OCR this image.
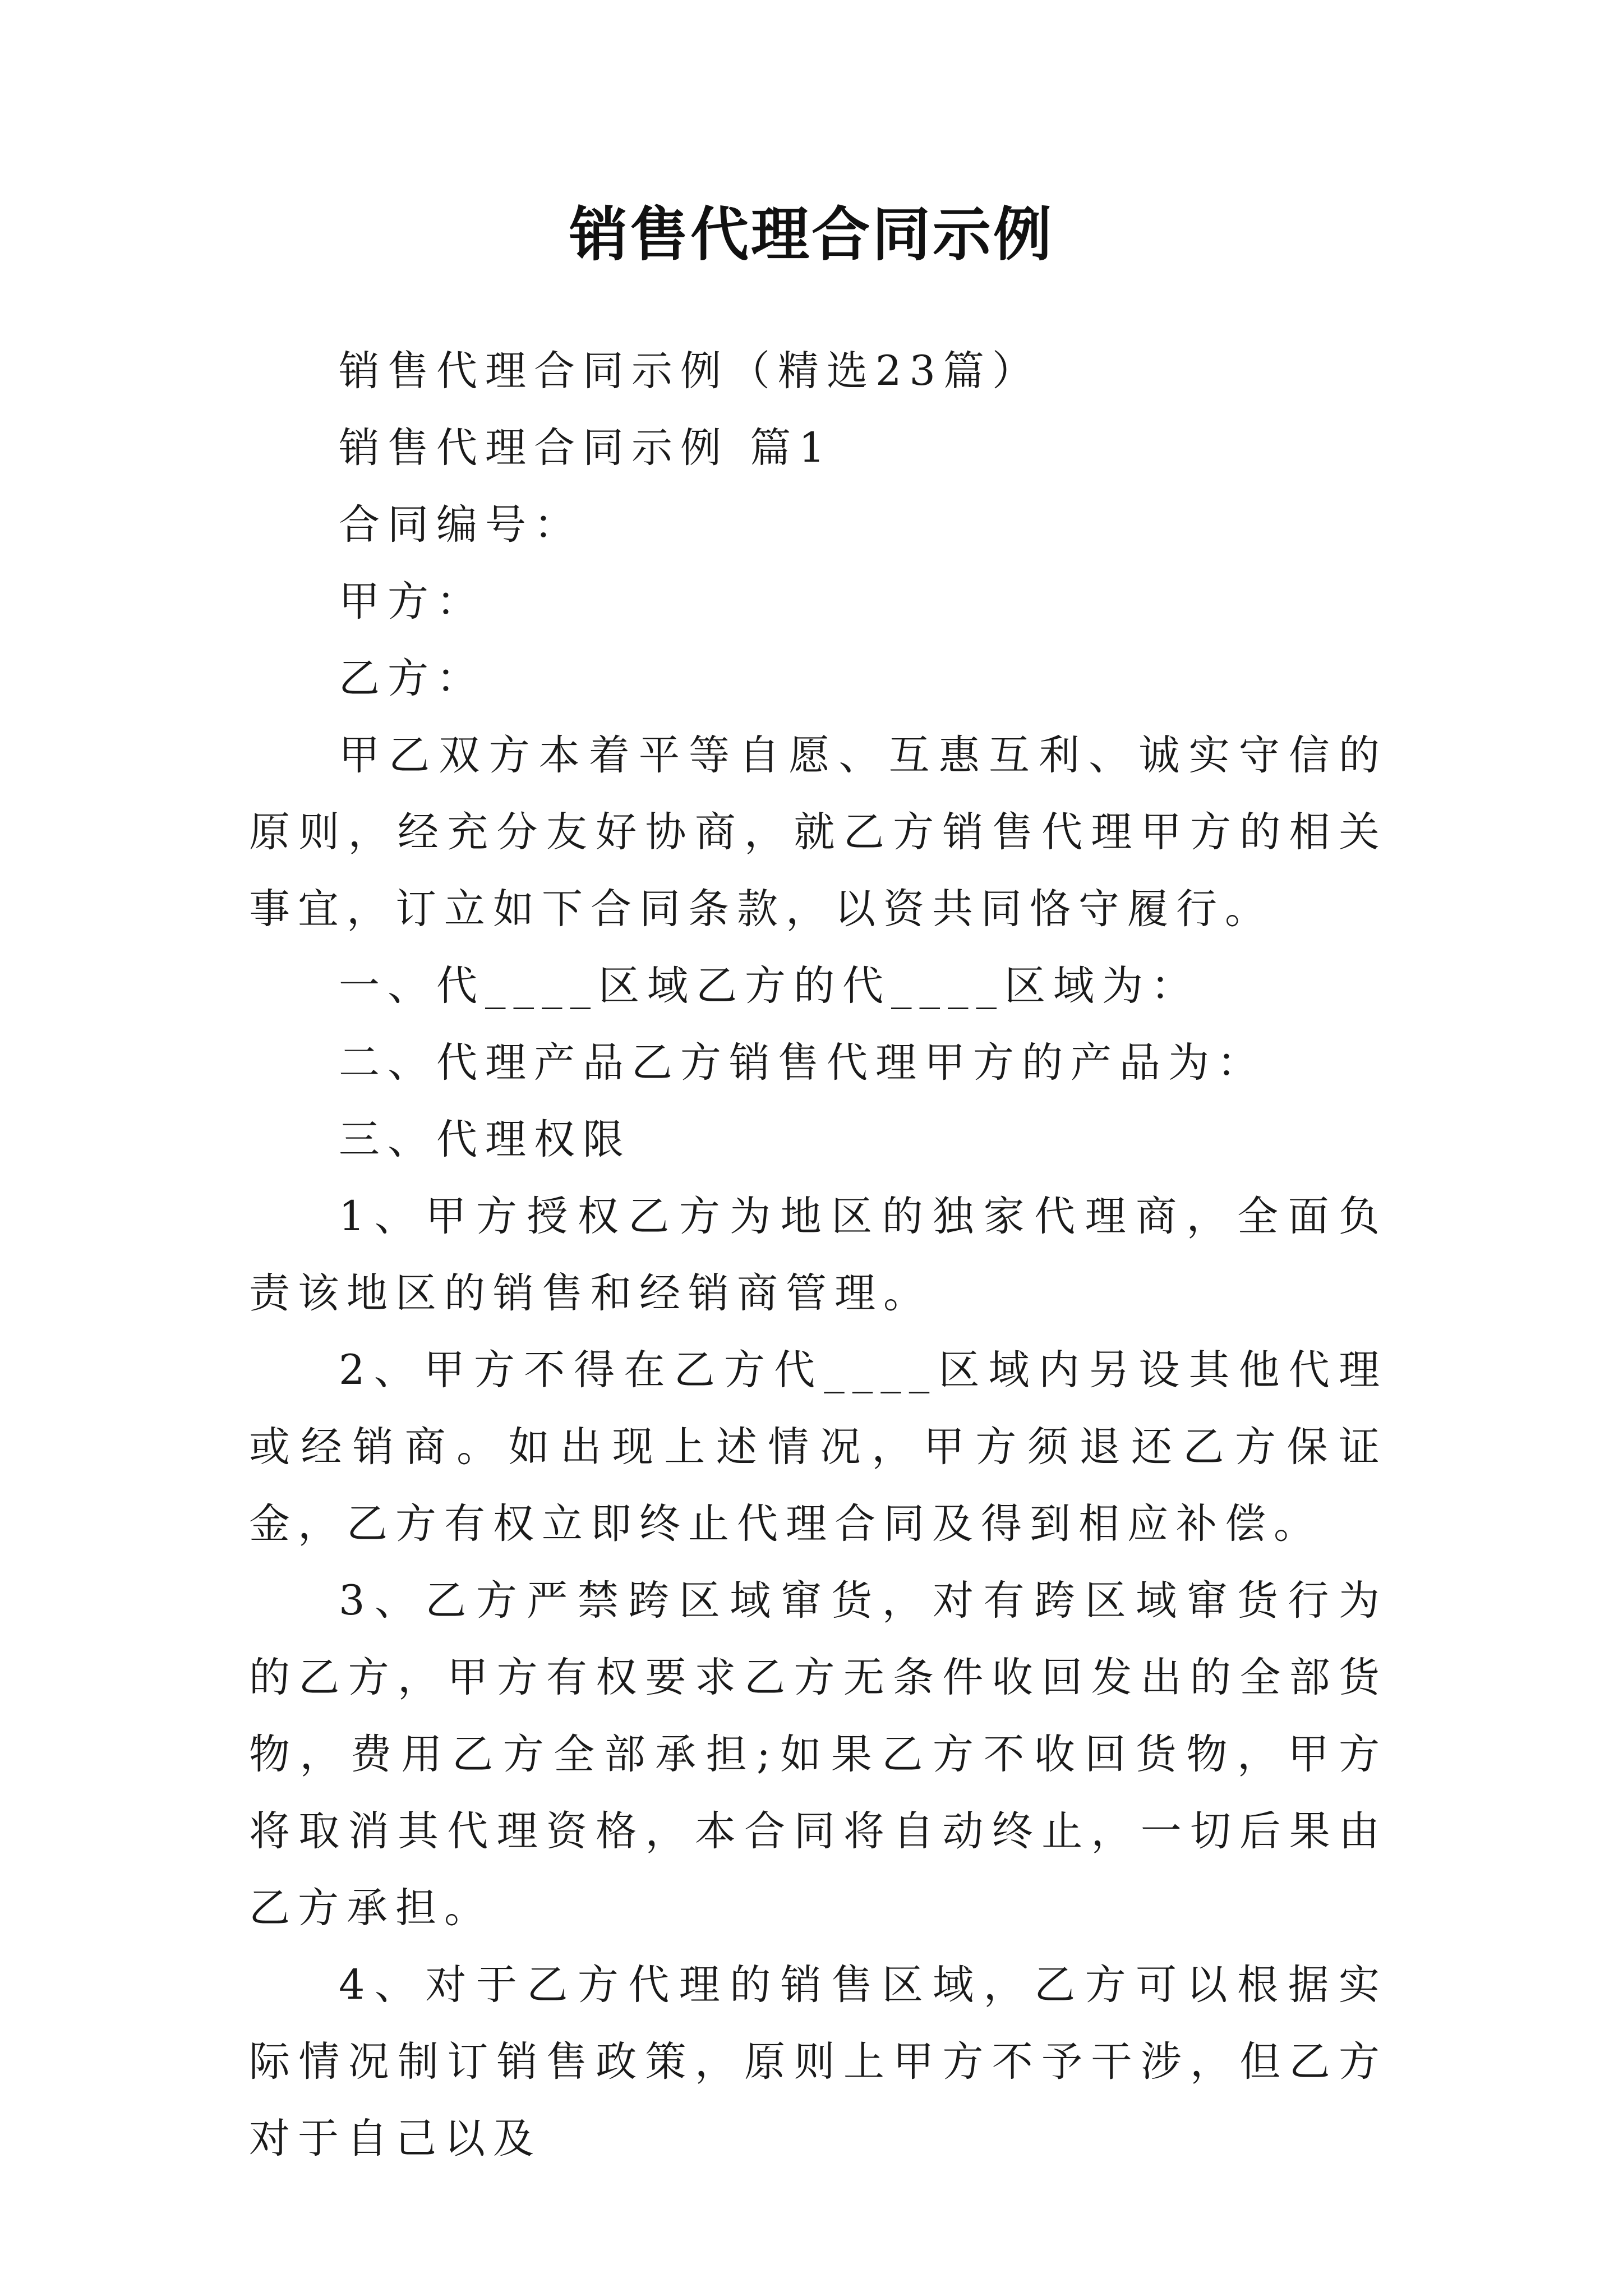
销售代理合同示例

销售代理合同示例（精选23篇）

销售代理合同示例 篇1

合同编号：

甲方：

乙方：

甲乙双方本着平等自愿、互惠互利、诚实守信的原则，经充分友好协商，就乙方销售代理甲方的相关事宜，订立如下合同条款，以资共同恪守履行。

一、代____区域乙方的代____区域为：

二、代理产品乙方销售代理甲方的产品为：

三、代理权限

1、甲方授权乙方为地区的独家代理商，全面负责该地区的销售和经销商管理。

2、甲方不得在乙方代____区域内另设其他代理或经销商。如出现上述情况，甲方须退还乙方保证金，乙方有权立即终止代理合同及得到相应补偿。

3、乙方严禁跨区域窜货，对有跨区域窜货行为的乙方，甲方有权要求乙方无条件收回发出的全部货物，费用乙方全部承担;如果乙方不收回货物，甲方将取消其代理资格，本合同将自动终止，一切后果由乙方承担。

4、对于乙方代理的销售区域，乙方可以根据实际情况制订销售政策，原则上甲方不予干涉，但乙方对于自己以及
